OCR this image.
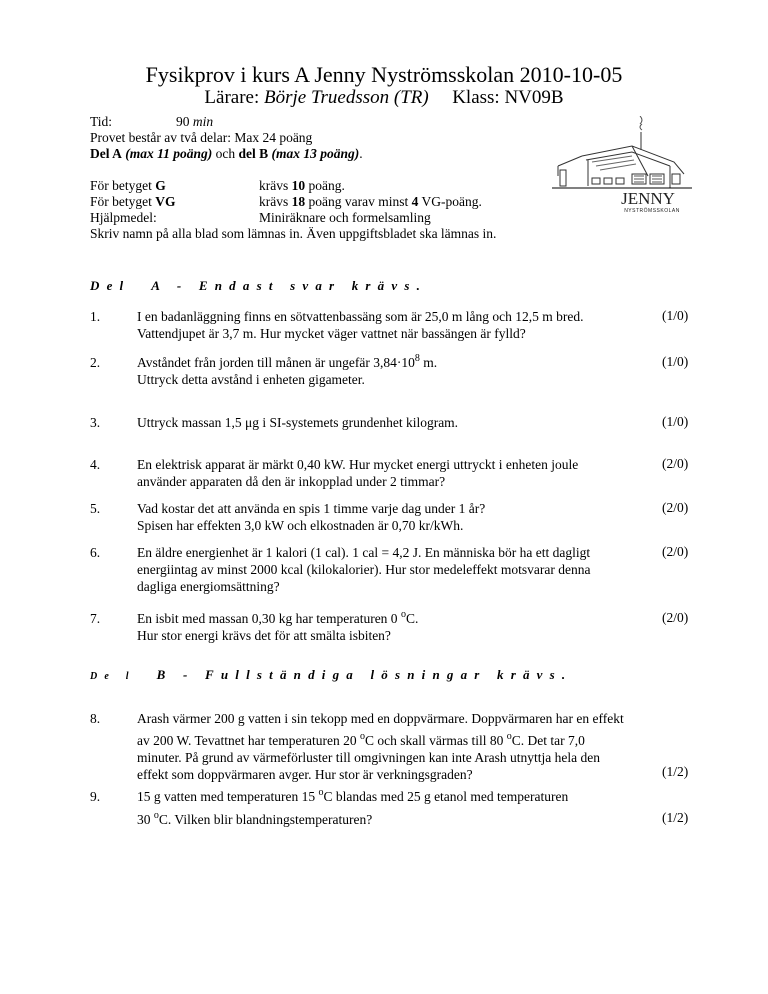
Fysikprov i kurs A Jenny Nyströmsskolan 2010-10-05
Lärare: Börje Truedsson (TR) Klass: NV09B
Tid:	90 min
Provet består av två delar: Max 24 poäng
Del A (max 11 poäng) och del B (max 13 poäng).
För betyget G	krävs 10 poäng.
För betyget VG	krävs 18 poäng varav minst 4 VG-poäng.
Hjälpmedel:	Miniräknare och formelsamling
Skriv namn på alla blad som lämnas in. Även uppgiftsbladet ska lämnas in.
JENNY
NYSTRÖMSSKOLAN
Del A - Endast svar krävs.
1.	I en badanläggning finns en sötvattenbassäng som är 25,0 m lång och 12,5 m bred.
Vattendjupet är 3,7 m. Hur mycket väger vattnet när bassängen är fylld?
(1/0)
2.	Avståndet från jorden till månen är ungefär $3,84\cdot 10^8$ m.
Uttryck detta avstånd i enheten gigameter.
(1/0)
3.	Uttryck massan 1,5 μg i SI-systemets grundenhet kilogram.	(1/0)
4.	En elektrisk apparat är märkt 0,40 kW. Hur mycket energi uttryckt i enheten joule
använder apparaten då den är inkopplad under 2 timmar?
(2/0)
5.	Vad kostar det att använda en spis 1 timme varje dag under 1 år?
Spisen har effekten 3,0 kW och elkostnaden är 0,70 kr/kWh.
(2/0)
6.	En äldre energienhet är 1 kalori (1 cal). 1 cal = 4,2 J. En människa bör ha ett dagligt
energiintag av minst 2000 kcal (kilokalorier). Hur stor medeleffekt motsvarar denna
dagliga energiomsättning?
(2/0)
7.	En isbit med massan 0,30 kg har temperaturen 0 $^o$C.
Hur stor energi krävs det för att smälta isbiten?
(2/0)
De l B - Fullständiga lösningar krävs.
8.	Arash värmer 200 g vatten i sin tekopp med en doppvärmare. Doppvärmaren har en effekt
av 200 W. Tevattnet har temperaturen 20 $^o$C och skall värmas till 80 $^o$C. Det tar 7,0
minuter. På grund av värmeförluster till omgivningen kan inte Arash utnyttja hela den
effekt som doppvärmaren avger. Hur stor är verkningsgraden?	(1/2)
9.	15 g vatten med temperaturen 15 $^o$C blandas med 25 g etanol med temperaturen
30 $^o$C. Vilken blir blandningstemperaturen?	(1/2)
